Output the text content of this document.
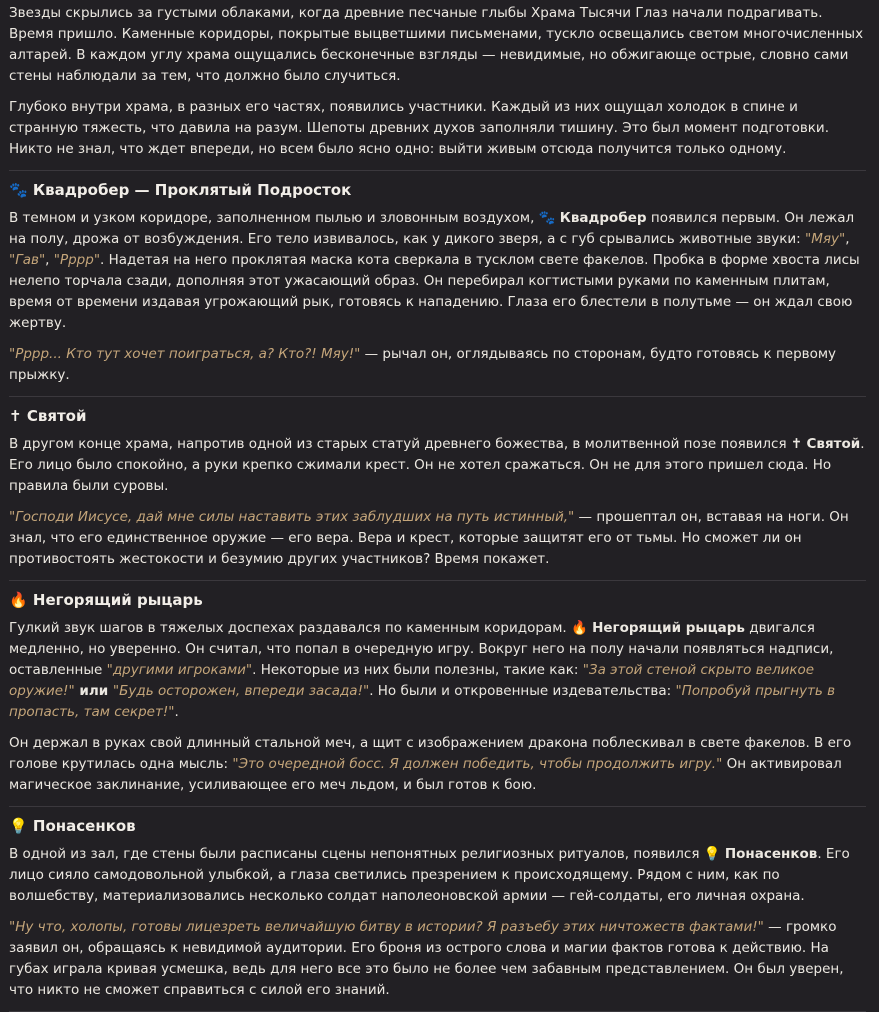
Звезды скрылись за густыми облаками, когда древние песчаные глыбы Храма Тысячи Глаз начали подрагивать. Время пришло. Каменные коридоры, покрытые выцветшими письменами, тускло освещались светом многочисленных алтарей. В каждом углу храма ощущались бесконечные взгляды — невидимые, но обжигающе острые, словно сами стены наблюдали за тем, что должно было случиться.

Глубоко внутри храма, в разных его частях, появились участники. Каждый из них ощущал холодок в спине и странную тяжесть, что давила на разум. Шепоты древних духов заполняли тишину. Это был момент подготовки. Никто не знал, что ждет впереди, но всем было ясно одно: выйти живым отсюда получится только одному.

🐾 Квадробер — Проклятый Подросток

В темном и узком коридоре, заполненном пылью и зловонным воздухом, 🐾 Квадробер появился первым. Он лежал на полу, дрожа от возбуждения. Его тело извивалось, как у дикого зверя, а с губ срывались животные звуки: "Мяу", "Гав", "Рррр". Надетая на него проклятая маска кота сверкала в тусклом свете факелов. Пробка в форме хвоста лисы нелепо торчала сзади, дополняя этот ужасающий образ. Он перебирал когтистыми руками по каменным плитам, время от времени издавая угрожающий рык, готовясь к нападению. Глаза его блестели в полутьме — он ждал свою жертву.

"Рррр... Кто тут хочет поиграться, а? Кто?! Мяу!" — рычал он, оглядываясь по сторонам, будто готовясь к первому прыжку.

✝ Святой

В другом конце храма, напротив одной из старых статуй древнего божества, в молитвенной позе появился ✝ Святой. Его лицо было спокойно, а руки крепко сжимали крест. Он не хотел сражаться. Он не для этого пришел сюда. Но правила были суровы.

"Господи Иисусе, дай мне силы наставить этих заблудших на путь истинный," — прошептал он, вставая на ноги. Он знал, что его единственное оружие — его вера. Вера и крест, которые защитят его от тьмы. Но сможет ли он противостоять жестокости и безумию других участников? Время покажет.

🔥 Негорящий рыцарь

Гулкий звук шагов в тяжелых доспехах раздавался по каменным коридорам. 🔥 Негорящий рыцарь двигался медленно, но уверенно. Он считал, что попал в очередную игру. Вокруг него на полу начали появляться надписи, оставленные "другими игроками". Некоторые из них были полезны, такие как: "За этой стеной скрыто великое оружие!" или "Будь осторожен, впереди засада!". Но были и откровенные издевательства: "Попробуй прыгнуть в пропасть, там секрет!".

Он держал в руках свой длинный стальной меч, а щит с изображением дракона поблескивал в свете факелов. В его голове крутилась одна мысль: "Это очередной босс. Я должен победить, чтобы продолжить игру." Он активировал магическое заклинание, усиливающее его меч льдом, и был готов к бою.

💡 Понасенков

В одной из зал, где стены были расписаны сцены непонятных религиозных ритуалов, появился 💡 Понасенков. Его лицо сияло самодовольной улыбкой, а глаза светились презрением к происходящему. Рядом с ним, как по волшебству, материализовались несколько солдат наполеоновской армии — гей-солдаты, его личная охрана.

"Ну что, холопы, готовы лицезреть величайшую битву в истории? Я разъебу этих ничтожеств фактами!" — громко заявил он, обращаясь к невидимой аудитории. Его броня из острого слова и магии фактов готова к действию. На губах играла кривая усмешка, ведь для него все это было не более чем забавным представлением. Он был уверен, что никто не сможет справиться с силой его знаний.
